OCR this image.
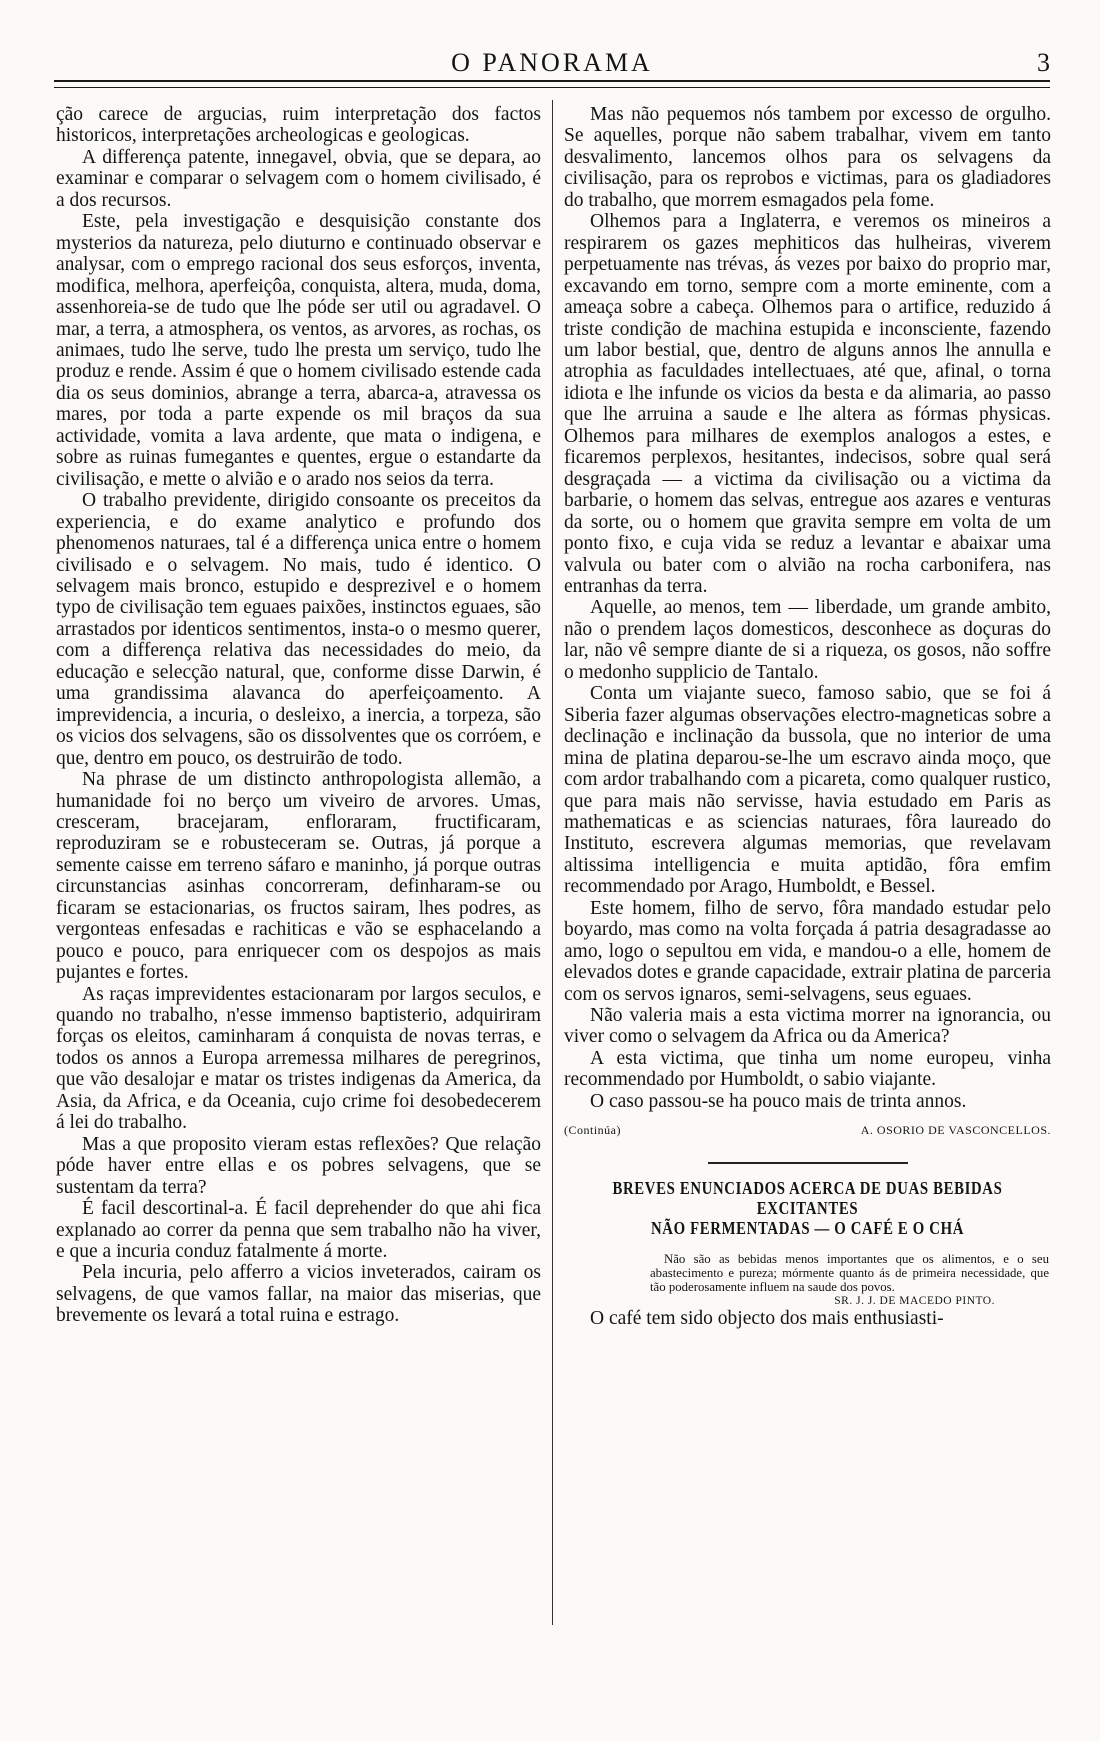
O PANORAMA	3

ção carece de argucias, ruim interpretação dos factos historicos, interpretações archeologicas e geologicas.

A differença patente, innegavel, obvia, que se depara, ao examinar e comparar o selvagem com o homem civilisado, é a dos recursos.

Este, pela investigação e desquisição constante dos mysterios da natureza, pelo diuturno e continuado observar e analysar, com o emprego racional dos seus esforços, inventa, modifica, melhora, aperfeiçôa, conquista, altera, muda, doma, assenhoreia-se de tudo que lhe póde ser util ou agradavel. O mar, a terra, a atmosphera, os ventos, as arvores, as rochas, os animaes, tudo lhe serve, tudo lhe presta um serviço, tudo lhe produz e rende. Assim é que o homem civilisado estende cada dia os seus dominios, abrange a terra, abarca-a, atravessa os mares, por toda a parte expende os mil braços da sua actividade, vomita a lava ardente, que mata o indigena, e sobre as ruinas fumegantes e quentes, ergue o estandarte da civilisação, e mette o alvião e o arado nos seios da terra.

O trabalho previdente, dirigido consoante os preceitos da experiencia, e do exame analytico e profundo dos phenomenos naturaes, tal é a differença unica entre o homem civilisado e o selvagem. No mais, tudo é identico. O selvagem mais bronco, estupido e desprezivel e o homem typo de civilisação tem eguaes paixões, instinctos eguaes, são arrastados por identicos sentimentos, insta-o o mesmo querer, com a differença relativa das necessidades do meio, da educação e selecção natural, que, conforme disse Darwin, é uma grandissima alavanca do aperfeiçoamento. A imprevidencia, a incuria, o desleixo, a inercia, a torpeza, são os vicios dos selvagens, são os dissolventes que os corróem, e que, dentro em pouco, os destruirão de todo.

Na phrase de um distincto anthropologista allemão, a humanidade foi no berço um viveiro de arvores. Umas, cresceram, bracejaram, enfloraram, fructificaram, reproduziram se e robusteceram se. Outras, já porque a semente caisse em terreno sáfaro e maninho, já porque outras circunstancias asinhas concorreram, definharam-se ou ficaram se estacionarias, os fructos sairam, lhes podres, as vergonteas enfesadas e rachiticas e vão se esphacelando a pouco e pouco, para enriquecer com os despojos as mais pujantes e fortes.

As raças imprevidentes estacionaram por largos seculos, e quando no trabalho, n'esse immenso baptisterio, adquiriram forças os eleitos, caminharam á conquista de novas terras, e todos os annos a Europa arremessa milhares de peregrinos, que vão desalojar e matar os tristes indigenas da America, da Asia, da Africa, e da Oceania, cujo crime foi desobedecerem á lei do trabalho.

Mas a que proposito vieram estas reflexões? Que relação póde haver entre ellas e os pobres selvagens, que se sustentam da terra?

É facil descortinal-a. É facil deprehender do que ahi fica explanado ao correr da penna que sem trabalho não ha viver, e que a incuria conduz fatalmente á morte.

Pela incuria, pelo afferro a vicios inveterados, cairam os selvagens, de que vamos fallar, na maior das miserias, que brevemente os levará a total ruina e estrago.

Mas não pequemos nós tambem por excesso de orgulho. Se aquelles, porque não sabem trabalhar, vivem em tanto desvalimento, lancemos olhos para os selvagens da civilisação, para os reprobos e victimas, para os gladiadores do trabalho, que morrem esmagados pela fome.

Olhemos para a Inglaterra, e veremos os mineiros a respirarem os gazes mephiticos das hulheiras, viverem perpetuamente nas trévas, ás vezes por baixo do proprio mar, excavando em torno, sempre com a morte eminente, com a ameaça sobre a cabeça. Olhemos para o artifice, reduzido á triste condição de machina estupida e inconsciente, fazendo um labor bestial, que, dentro de alguns annos lhe annulla e atrophia as faculdades intellectuaes, até que, afinal, o torna idiota e lhe infunde os vicios da besta e da alimaria, ao passo que lhe arruina a saude e lhe altera as fórmas physicas. Olhemos para milhares de exemplos analogos a estes, e ficaremos perplexos, hesitantes, indecisos, sobre qual será desgraçada — a victima da civilisação ou a victima da barbarie, o homem das selvas, entregue aos azares e venturas da sorte, ou o homem que gravita sempre em volta de um ponto fixo, e cuja vida se reduz a levantar e abaixar uma valvula ou bater com o alvião na rocha carbonifera, nas entranhas da terra.

Aquelle, ao menos, tem — liberdade, um grande ambito, não o prendem laços domesticos, desconhece as doçuras do lar, não vê sempre diante de si a riqueza, os gosos, não soffre o medonho supplicio de Tantalo.

Conta um viajante sueco, famoso sabio, que se foi á Siberia fazer algumas observações electro-magneticas sobre a declinação e inclinação da bussola, que no interior de uma mina de platina deparou-se-lhe um escravo ainda moço, que com ardor trabalhando com a picareta, como qualquer rustico, que para mais não servisse, havia estudado em Paris as mathematicas e as sciencias naturaes, fôra laureado do Instituto, escrevera algumas memorias, que revelavam altissima intelligencia e muita aptidão, fôra emfim recommendado por Arago, Humboldt, e Bessel.

Este homem, filho de servo, fôra mandado estudar pelo boyardo, mas como na volta forçada á patria desagradasse ao amo, logo o sepultou em vida, e mandou-o a elle, homem de elevados dotes e grande capacidade, extrair platina de parceria com os servos ignaros, semi-selvagens, seus eguaes.

Não valeria mais a esta victima morrer na ignorancia, ou viver como o selvagem da Africa ou da America?

A esta victima, que tinha um nome europeu, vinha recommendado por Humboldt, o sabio viajante.

O caso passou-se ha pouco mais de trinta annos.

(Continúa)	A. OSORIO DE VASCONCELLOS.
BREVES ENUNCIADOS ACERCA DE DUAS BEBIDAS EXCITANTES
NÃO FERMENTADAS — O CAFÉ E O CHÁ
Não são as bebidas menos importantes que os alimentos, e o seu abastecimento e pureza; mórmente quanto ás de primeira necessidade, que tão poderosamente influem na saude dos povos.
SR. J. J. DE MACEDO PINTO.

O café tem sido objecto dos mais enthusiasti-
